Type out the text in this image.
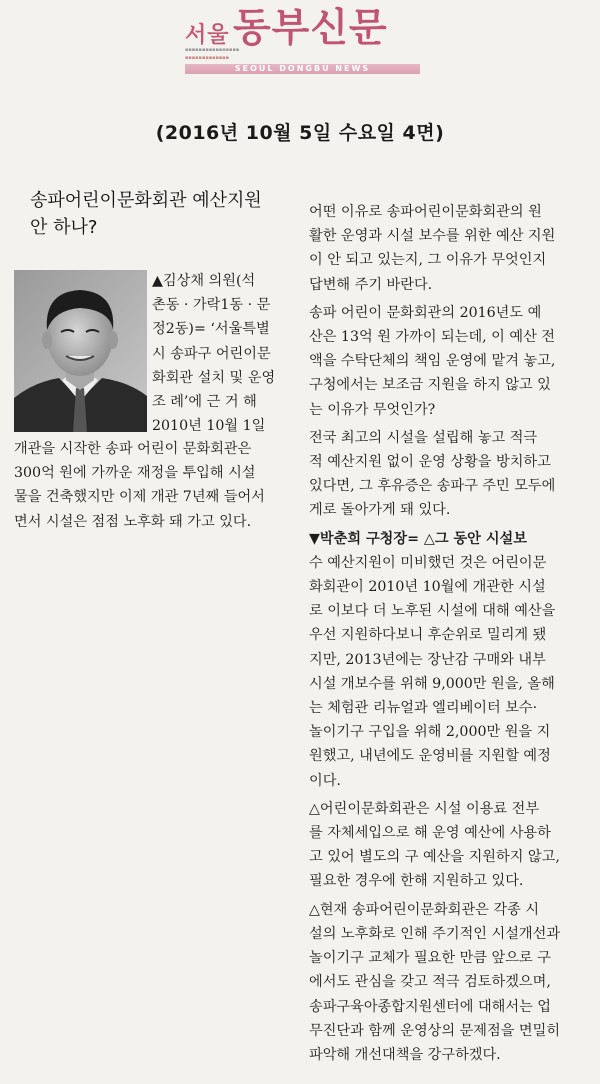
서울 동부신문
▪▪▪▪▪▪▪▪▪▪▪▪▪▪▪▪
▪▪▪▪▪▪▪▪▪▪▪▪▪
SEOUL DONGBU NEWS
(2016년 10월 5일 수요일 4면)
송파어린이문화회관 예산지원
안 하나?
▲김상채 의원(석
촌동 · 가락1동 · 문
정2동)= ‘서울특별
시 송파구 어린이문
화회관 설치 및 운영
조 례’에 근 거 해
2010년 10월 1일
개관을 시작한 송파 어린이 문화회관은
300억 원에 가까운 재정을 투입해 시설
물을 건축했지만 이제 개관 7년째 들어서
면서 시설은 점점 노후화 돼 가고 있다.
어떤 이유로 송파어린이문화회관의 원
활한 운영과 시설 보수를 위한 예산 지원
이 안 되고 있는지, 그 이유가 무엇인지
답변해 주기 바란다.
송파 어린이 문화회관의 2016년도 예
산은 13억 원 가까이 되는데, 이 예산 전
액을 수탁단체의 책임 운영에 맡겨 놓고,
구청에서는 보조금 지원을 하지 않고 있
는 이유가 무엇인가?
전국 최고의 시설을 설립해 놓고 적극
적 예산지원 없이 운영 상황을 방치하고
있다면, 그 후유증은 송파구 주민 모두에
게로 돌아가게 돼 있다.
▼박춘희 구청장= △그 동안 시설보
수 예산지원이 미비했던 것은 어린이문
화회관이 2010년 10월에 개관한 시설
로 이보다 더 노후된 시설에 대해 예산을
우선 지원하다보니 후순위로 밀리게 됐
지만, 2013년에는 장난감 구매와 내부
시설 개보수를 위해 9,000만 원을, 올해
는 체험관 리뉴얼과 엘리베이터 보수·
놀이기구 구입을 위해 2,000만 원을 지
원했고, 내년에도 운영비를 지원할 예정
이다.
△어린이문화회관은 시설 이용료 전부
를 자체세입으로 해 운영 예산에 사용하
고 있어 별도의 구 예산을 지원하지 않고,
필요한 경우에 한해 지원하고 있다.
△현재 송파어린이문화회관은 각종 시
설의 노후화로 인해 주기적인 시설개선과
놀이기구 교체가 필요한 만큼 앞으로 구
에서도 관심을 갖고 적극 검토하겠으며,
송파구육아종합지원센터에 대해서는 업
무진단과 함께 운영상의 문제점을 면밀히
파악해 개선대책을 강구하겠다.
